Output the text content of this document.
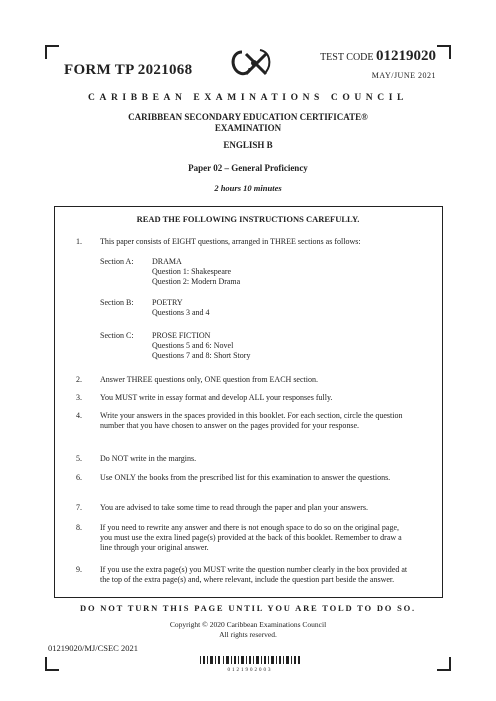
FORM TP 2021068
TEST CODE 01219020
MAY/JUNE 2021
CARIBBEAN EXAMINATIONS COUNCIL
CARIBBEAN SECONDARY EDUCATION CERTIFICATE®
EXAMINATION
ENGLISH B
Paper 02 – General Proficiency
2 hours 10 minutes
READ THE FOLLOWING INSTRUCTIONS CAREFULLY.
1. This paper consists of EIGHT questions, arranged in THREE sections as follows:
Section A: DRAMA
Question 1: Shakespeare
Question 2: Modern Drama
Section B: POETRY
Questions 3 and 4
Section C: PROSE FICTION
Questions 5 and 6: Novel
Questions 7 and 8: Short Story
2. Answer THREE questions only, ONE question from EACH section.
3. You MUST write in essay format and develop ALL your responses fully.
4. Write your answers in the spaces provided in this booklet. For each section, circle the question number that you have chosen to answer on the pages provided for your response.
5. Do NOT write in the margins.
6. Use ONLY the books from the prescribed list for this examination to answer the questions.
7. You are advised to take some time to read through the paper and plan your answers.
8. If you need to rewrite any answer and there is not enough space to do so on the original page, you must use the extra lined page(s) provided at the back of this booklet. Remember to draw a line through your original answer.
9. If you use the extra page(s) you MUST write the question number clearly in the box provided at the top of the extra page(s) and, where relevant, include the question part beside the answer.
DO NOT TURN THIS PAGE UNTIL YOU ARE TOLD TO DO SO.
Copyright © 2020 Caribbean Examinations Council
All rights reserved.
01219020/MJ/CSEC 2021
0121902003
